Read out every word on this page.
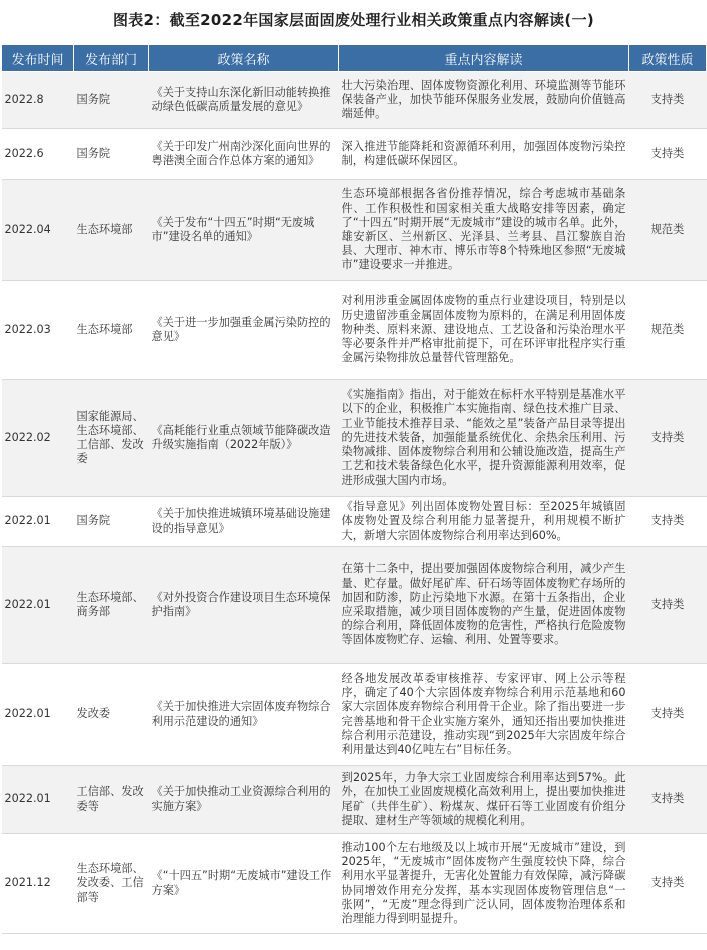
图表2：截至2022年国家层面固废处理行业相关政策重点内容解读(一)
发布时间	发布部门	政策名称	重点内容解读	政策性质
2022.8	国务院	《关于支持山东深化新旧动能转换推动绿色低碳高质量发展的意见》	壮大污染治理、固体废物资源化利用、环境监测等节能环保装备产业，加快节能环保服务业发展，鼓励向价值链高端延伸。	支持类
2022.6	国务院	《关于印发广州南沙深化面向世界的粤港澳全面合作总体方案的通知》	深入推进节能降耗和资源循环利用，加强固体废物污染控制，构建低碳环保园区。	支持类
2022.04	生态环境部	《关于发布“十四五”时期“无废城市”建设名单的通知》	生态环境部根据各省份推荐情况，综合考虑城市基础条件、工作积极性和国家相关重大战略安排等因素，确定了“十四五”时期开展“无废城市”建设的城市名单。此外，雄安新区、兰州新区、光泽县、兰考县、昌江黎族自治县、大理市、神木市、博乐市等8个特殊地区参照“无废城市”建设要求一并推进。	规范类
2022.03	生态环境部	《关于进一步加强重金属污染防控的意见》	对利用涉重金属固体废物的重点行业建设项目，特别是以历史遗留涉重金属固体废物为原料的，在满足利用固体废物种类、原料来源、建设地点、工艺设备和污染治理水平等必要条件并严格审批前提下，可在环评审批程序实行重金属污染物排放总量替代管理豁免。	规范类
2022.02	国家能源局、生态环境部、工信部、发改委	《高耗能行业重点领域节能降碳改造升级实施指南（2022年版）》	《实施指南》指出，对于能效在标杆水平特别是基准水平以下的企业，积极推广本实施指南、绿色技术推广目录、工业节能技术推荐目录、“能效之星”装备产品目录等提出的先进技术装备，加强能量系统优化、余热余压利用、污染物减排、固体废物综合利用和公辅设施改造，提高生产工艺和技术装备绿色化水平，提升资源能源利用效率，促进形成强大国内市场。	支持类
2022.01	国务院	《关于加快推进城镇环境基础设施建设的指导意见》	《指导意见》列出固体废物处置目标：至2025年城镇固体废物处置及综合利用能力显著提升，利用规模不断扩大，新增大宗固体废物综合利用率达到60%。	支持类
2022.01	生态环境部、商务部	《对外投资合作建设项目生态环境保护指南》	在第十二条中，提出要加强固体废物综合利用，减少产生量、贮存量。做好尾矿库、矸石场等固体废物贮存场所的加固和防渗，防止污染地下水源。在第十五条指出，企业应采取措施，减少项目固体废物的产生量，促进固体废物的综合利用，降低固体废物的危害性，严格执行危险废物等固体废物贮存、运输、利用、处置等要求。	支持类
2022.01	发改委	《关于加快推进大宗固体废弃物综合利用示范建设的通知》	经各地发展改革委审核推荐、专家评审、网上公示等程序，确定了40个大宗固体废弃物综合利用示范基地和60家大宗固体废弃物综合利用骨干企业。除了指出要进一步完善基地和骨干企业实施方案外，通知还指出要加快推进综合利用示范建设，推动实现“到2025年大宗固废年综合利用量达到40亿吨左右”目标任务。	支持类
2022.01	工信部、发改委等	《关于加快推动工业资源综合利用的实施方案》	到2025年，力争大宗工业固废综合利用率达到57%。此外，在加快工业固废规模化高效利用上，提出要加快推进尾矿（共伴生矿）、粉煤灰、煤矸石等工业固废有价组分提取、建材生产等领域的规模化利用。	支持类
2021.12	生态环境部、发改委、工信部等	《“十四五”时期“无废城市”建设工作方案》	推动100个左右地级及以上城市开展“无废城市”建设，到2025年，“无废城市”固体废物产生强度较快下降，综合利用水平显著提升，无害化处置能力有效保障，减污降碳协同增效作用充分发挥，基本实现固体废物管理信息“一张网”，“无废”理念得到广泛认同，固体废物治理体系和治理能力得到明显提升。	支持类
